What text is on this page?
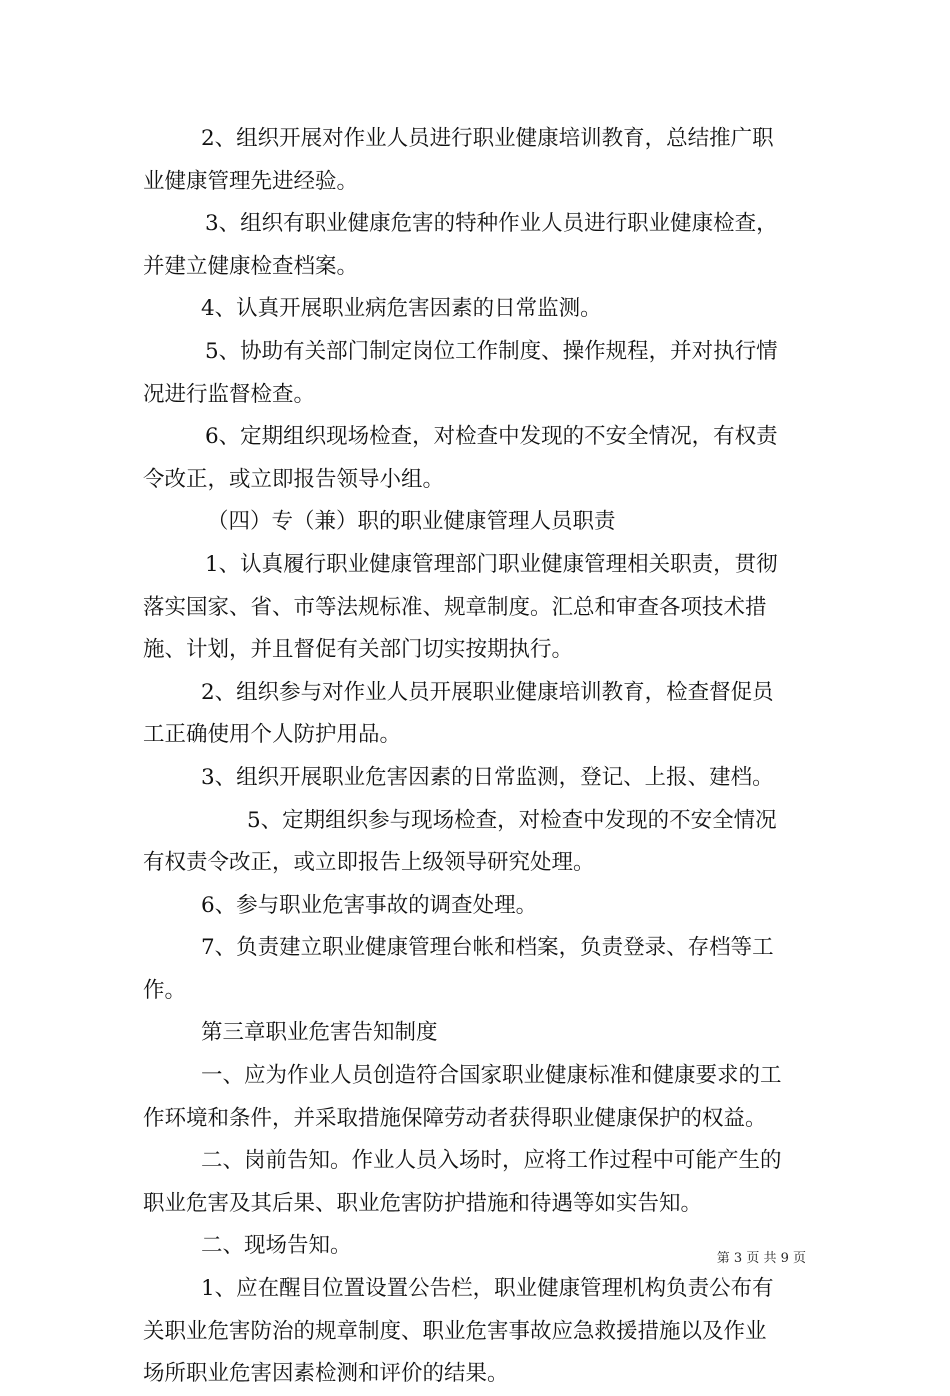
2、组织开展对作业人员进行职业健康培训教育，总结推广职

业健康管理先进经验。

3、组织有职业健康危害的特种作业人员进行职业健康检查，

并建立健康检查档案。

4、认真开展职业病危害因素的日常监测。

5、协助有关部门制定岗位工作制度、操作规程，并对执行情

况进行监督检查。

6、定期组织现场检查，对检查中发现的不安全情况，有权责

令改正，或立即报告领导小组。

（四）专（兼）职的职业健康管理人员职责

1、认真履行职业健康管理部门职业健康管理相关职责，贯彻

落实国家、省、市等法规标准、规章制度。汇总和审查各项技术措

施、计划，并且督促有关部门切实按期执行。

2、组织参与对作业人员开展职业健康培训教育，检查督促员

工正确使用个人防护用品。

3、组织开展职业危害因素的日常监测，登记、上报、建档。

5、定期组织参与现场检查，对检查中发现的不安全情况

有权责令改正，或立即报告上级领导研究处理。

6、参与职业危害事故的调查处理。

7、负责建立职业健康管理台帐和档案，负责登录、存档等工

作。

第三章职业危害告知制度

一、应为作业人员创造符合国家职业健康标准和健康要求的工

作环境和条件，并采取措施保障劳动者获得职业健康保护的权益。

二、岗前告知。作业人员入场时，应将工作过程中可能产生的

职业危害及其后果、职业危害防护措施和待遇等如实告知。

二、现场告知。

1、应在醒目位置设置公告栏，职业健康管理机构负责公布有

关职业危害防治的规章制度、职业危害事故应急救援措施以及作业

场所职业危害因素检测和评价的结果。

第 3 页 共 9 页
